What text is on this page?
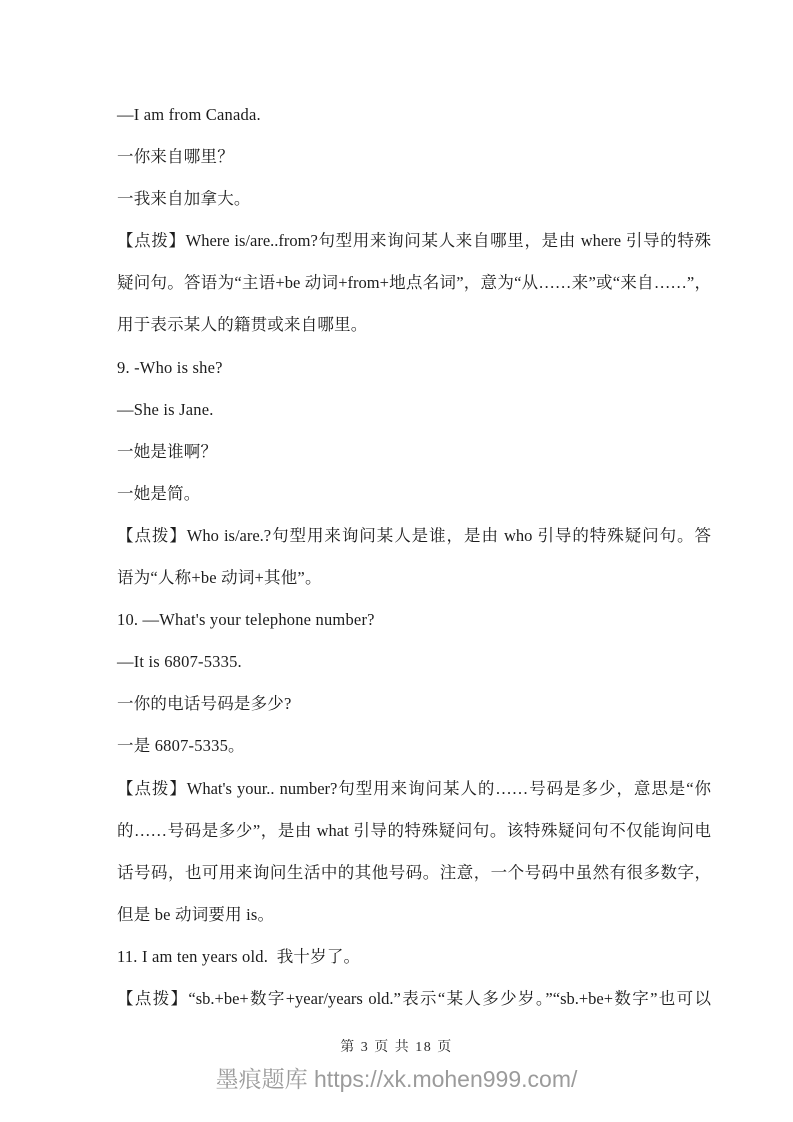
—I am from Canada.
一你来自哪里？
一我来自加拿大。
【点拨】Where is/are..from?句型用来询问某人来自哪里，是由 where 引导的特殊
疑问句。答语为“主语+be 动词+from+地点名词”，意为“从……来”或“来自……”，
用于表示某人的籍贯或来自哪里。
9. -Who is she?
—She is Jane.
一她是谁啊？
一她是简。
【点拨】Who is/are.?句型用来询问某人是谁，是由 who 引导的特殊疑问句。答
语为“人称+be 动词+其他”。
10. —What's your telephone number?
—It is 6807-5335.
一你的电话号码是多少?
一是 6807-5335。
【点拨】What's your.. number?句型用来询问某人的……号码是多少，意思是“你
的……号码是多少”，是由 what 引导的特殊疑问句。该特殊疑问句不仅能询问电
话号码，也可用来询问生活中的其他号码。注意，一个号码中虽然有很多数字，
但是 be 动词要用 is。
11. I am ten years old.  我十岁了。
【点拨】“sb.+be+数字+year/years old.”表示“某人多少岁。”“sb.+be+数字”也可以
第 3 页 共 18 页
墨痕题库 https://xk.mohen999.com/
